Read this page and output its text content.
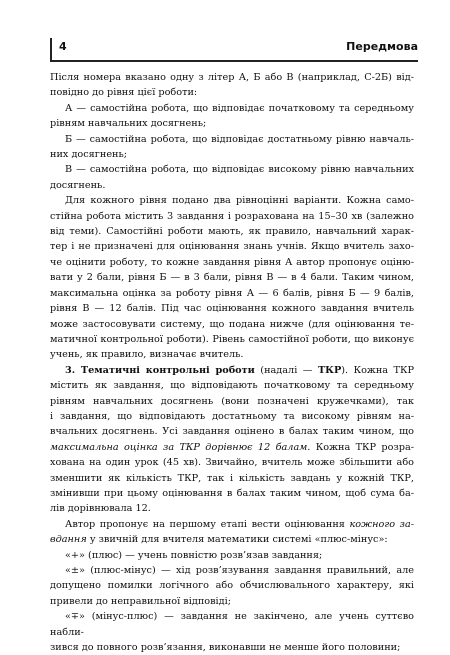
4	Передмова

Після номера вказано одну з літер А, Б або В (наприклад, С-2Б) від-

повідно до рівня цієї роботи:

А — самостійна робота, що відповідає початковому та середньому

рівням навчальних досягнень;

Б — самостійна робота, що відповідає достатньому рівню навчаль-

них досягнень;

В — самостійна робота, що відповідає високому рівню навчальних

досягнень.

Для кожного рівня подано два рівноцінні варіанти. Кожна само-

стійна робота містить 3 завдання і розрахована на 15–30 хв (залежно

від теми). Самостійні роботи мають, як правило, навчальний харак-

тер і не призначені для оцінювання знань учнів. Якщо вчитель захо-

че оцінити роботу, то кожне завдання рівня А автор пропонує оціню-

вати у 2 бали, рівня Б — в 3 бали, рівня В — в 4 бали. Таким чином,

максимальна оцінка за роботу рівня А — 6 балів, рівня Б — 9 балів,

рівня В — 12 балів. Під час оцінювання кожного завдання вчитель

може застосовувати систему, що подана нижче (для оцінювання те-

матичної контрольної роботи). Рівень самостійної роботи, що виконує

учень, як правило, визначає вчитель.

3. Тематичні контрольні роботи (надалі — ТКР). Кожна ТКР

містить як завдання, що відповідають початковому та середньому

рівням навчальних досягнень (вони позначені кружечками), так

і завдання, що відповідають достатньому та високому рівням на-

вчальних досягнень. Усі завдання оцінено в балах таким чином, що

максимальна оцінка за ТКР дорівнює 12 балам. Кожна ТКР розра-

хована на один урок (45 хв). Звичайно, вчитель може збільшити або

зменшити як кількість ТКР, так і кількість завдань у кожній ТКР,

змінивши при цьому оцінювання в балах таким чином, щоб сума ба-

лів дорівнювала 12.

Автор пропонує на першому етапі вести оцінювання кожного за-

вдання у звичній для вчителя математики системі «плюс-мінус»:

«+» (плюс) — учень повністю розв’язав завдання;

«±» (плюс-мінус) — хід розв’язування завдання правильний, але

допущено помилки логічного або обчислювального характеру, які

привели до неправильної відповіді;

«∓» (мінус-плюс) — завдання не закінчено, але учень суттєво набли-

зився до повного розв’язання, виконавши не менше його половини;
